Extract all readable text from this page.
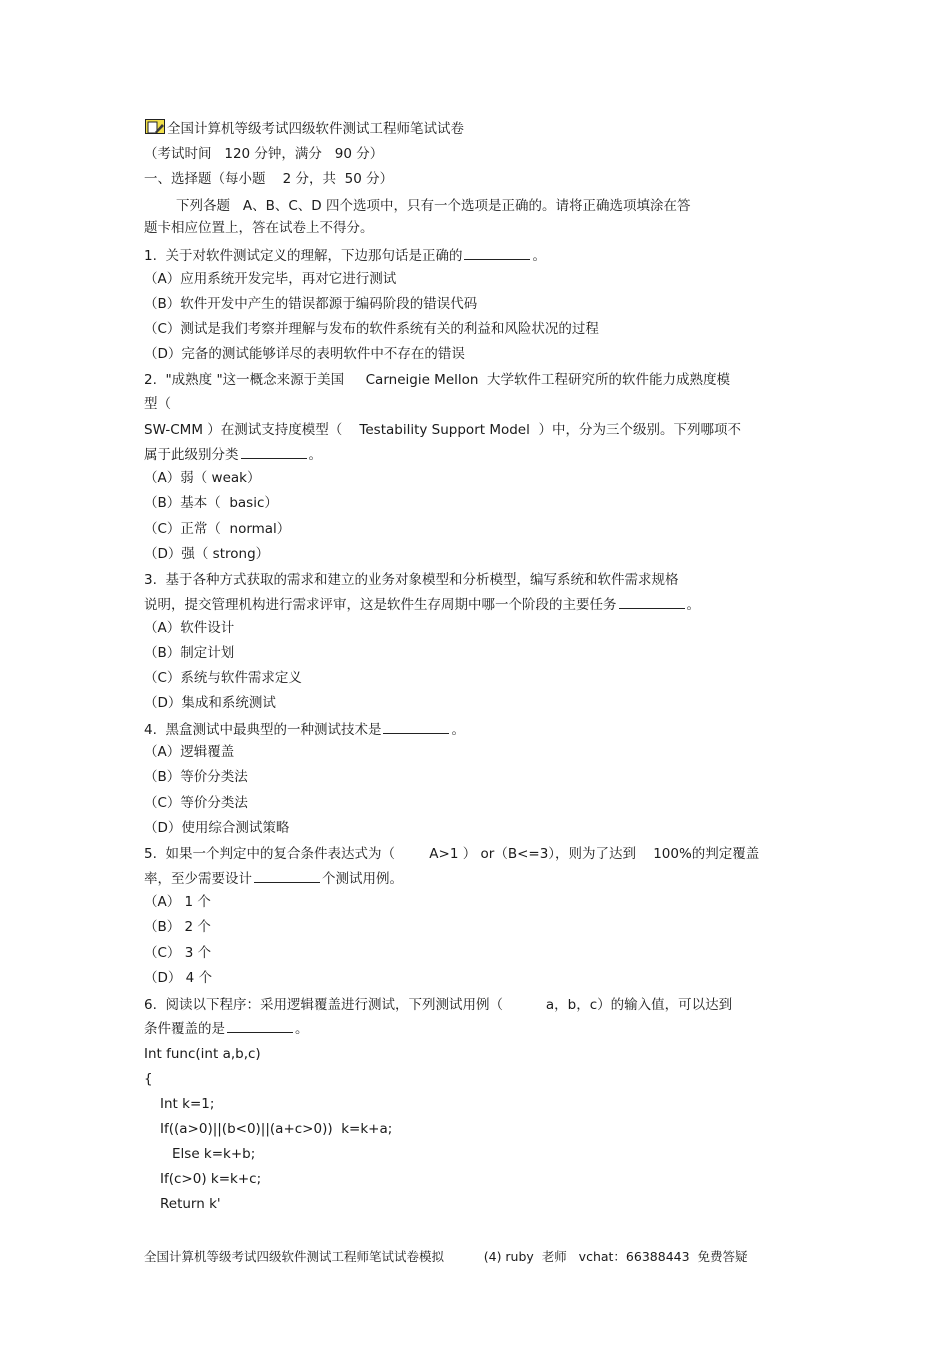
全国计算机等级考试四级软件测试工程师笔试试卷
（考试时间   120 分钟，满分   90 分）
一、选择题（每小题    2 分，共  50 分）
下列各题   A、B、C、D 四个选项中，只有一个选项是正确的。请将正确选项填涂在答
题卡相应位置上，答在试卷上不得分。
1.  关于对软件测试定义的理解，下边那句话是正确的	。
（A）应用系统开发完毕，再对它进行测试
（B）软件开发中产生的错误都源于编码阶段的错误代码
（C）测试是我们考察并理解与发布的软件系统有关的利益和风险状况的过程
（D）完备的测试能够详尽的表明软件中不存在的错误
2.  "成熟度 "这一概念来源于美国     Carneigie Mellon  大学软件工程研究所的软件能力成熟度模
型（
SW-CMM ）在测试支持度模型（    Testability Support Model  ）中，分为三个级别。下列哪项不
属于此级别分类	。
（A）弱（ weak）
（B）基本（  basic）
（C）正常（  normal）
（D）强（ strong）
3.  基于各种方式获取的需求和建立的业务对象模型和分析模型，编写系统和软件需求规格
说明，提交管理机构进行需求评审，这是软件生存周期中哪一个阶段的主要任务	。
（A）软件设计
（B）制定计划
（C）系统与软件需求定义
（D）集成和系统测试
4.  黑盒测试中最典型的一种测试技术是	。
（A）逻辑覆盖
（B）等价分类法
（C）等价分类法
（D）使用综合测试策略
5.  如果一个判定中的复合条件表达式为（        A>1 ） or（B<=3），则为了达到    100%的判定覆盖
率，至少需要设计	个测试用例。
（A） 1 个
（B） 2 个
（C） 3 个
（D） 4 个
6.  阅读以下程序：采用逻辑覆盖进行测试，下列测试用例（          a，b，c）的输入值，可以达到
条件覆盖的是	。
Int func(int a,b,c)
{
Int k=1;
If((a>0)||(b<0)||(a+c>0))  k=k+a;
Else k=k+b;
If(c>0) k=k+c;
Return k'
全国计算机等级考试四级软件测试工程师笔试试卷模拟          (4) ruby  老师   vchat：66388443  免费答疑
